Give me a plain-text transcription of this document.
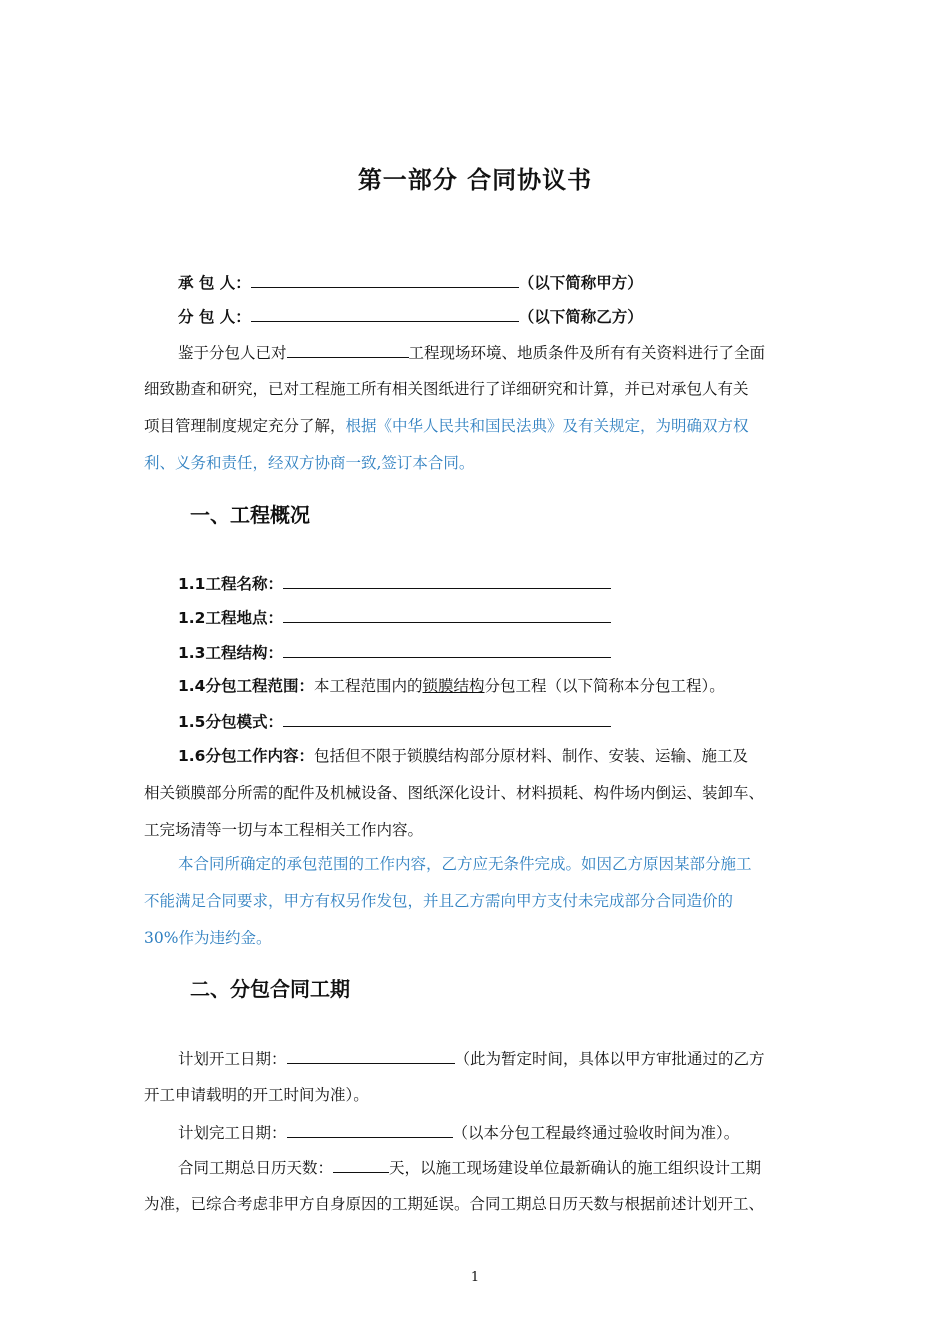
第一部分 合同协议书
承 包 人：	（以下简称甲方）
分 包 人：	（以下简称乙方）
鉴于分包人已对	工程现场环境、地质条件及所有有关资料进行了全面
细致勘查和研究，已对工程施工所有相关图纸进行了详细研究和计算，并已对承包人有关
项目管理制度规定充分了解，根据《中华人民共和国民法典》及有关规定，为明确双方权
利、义务和责任，经双方协商一致,签订本合同。
一、工程概况
1.1工程名称：
1.2工程地点：
1.3工程结构：
1.4分包工程范围：本工程范围内的锁膜结构分包工程（以下简称本分包工程）。
1.5分包模式：
1.6分包工作内容：包括但不限于锁膜结构部分原材料、制作、安装、运输、施工及
相关锁膜部分所需的配件及机械设备、图纸深化设计、材料损耗、构件场内倒运、装卸车、
工完场清等一切与本工程相关工作内容。
本合同所确定的承包范围的工作内容，乙方应无条件完成。如因乙方原因某部分施工
不能满足合同要求，甲方有权另作发包，并且乙方需向甲方支付未完成部分合同造价的
30%作为违约金。
二、分包合同工期
计划开工日期：	（此为暂定时间，具体以甲方审批通过的乙方
开工申请载明的开工时间为准）。
计划完工日期：	（以本分包工程最终通过验收时间为准）。
合同工期总日历天数：	天，以施工现场建设单位最新确认的施工组织设计工期
为准，已综合考虑非甲方自身原因的工期延误。合同工期总日历天数与根据前述计划开工、
1
